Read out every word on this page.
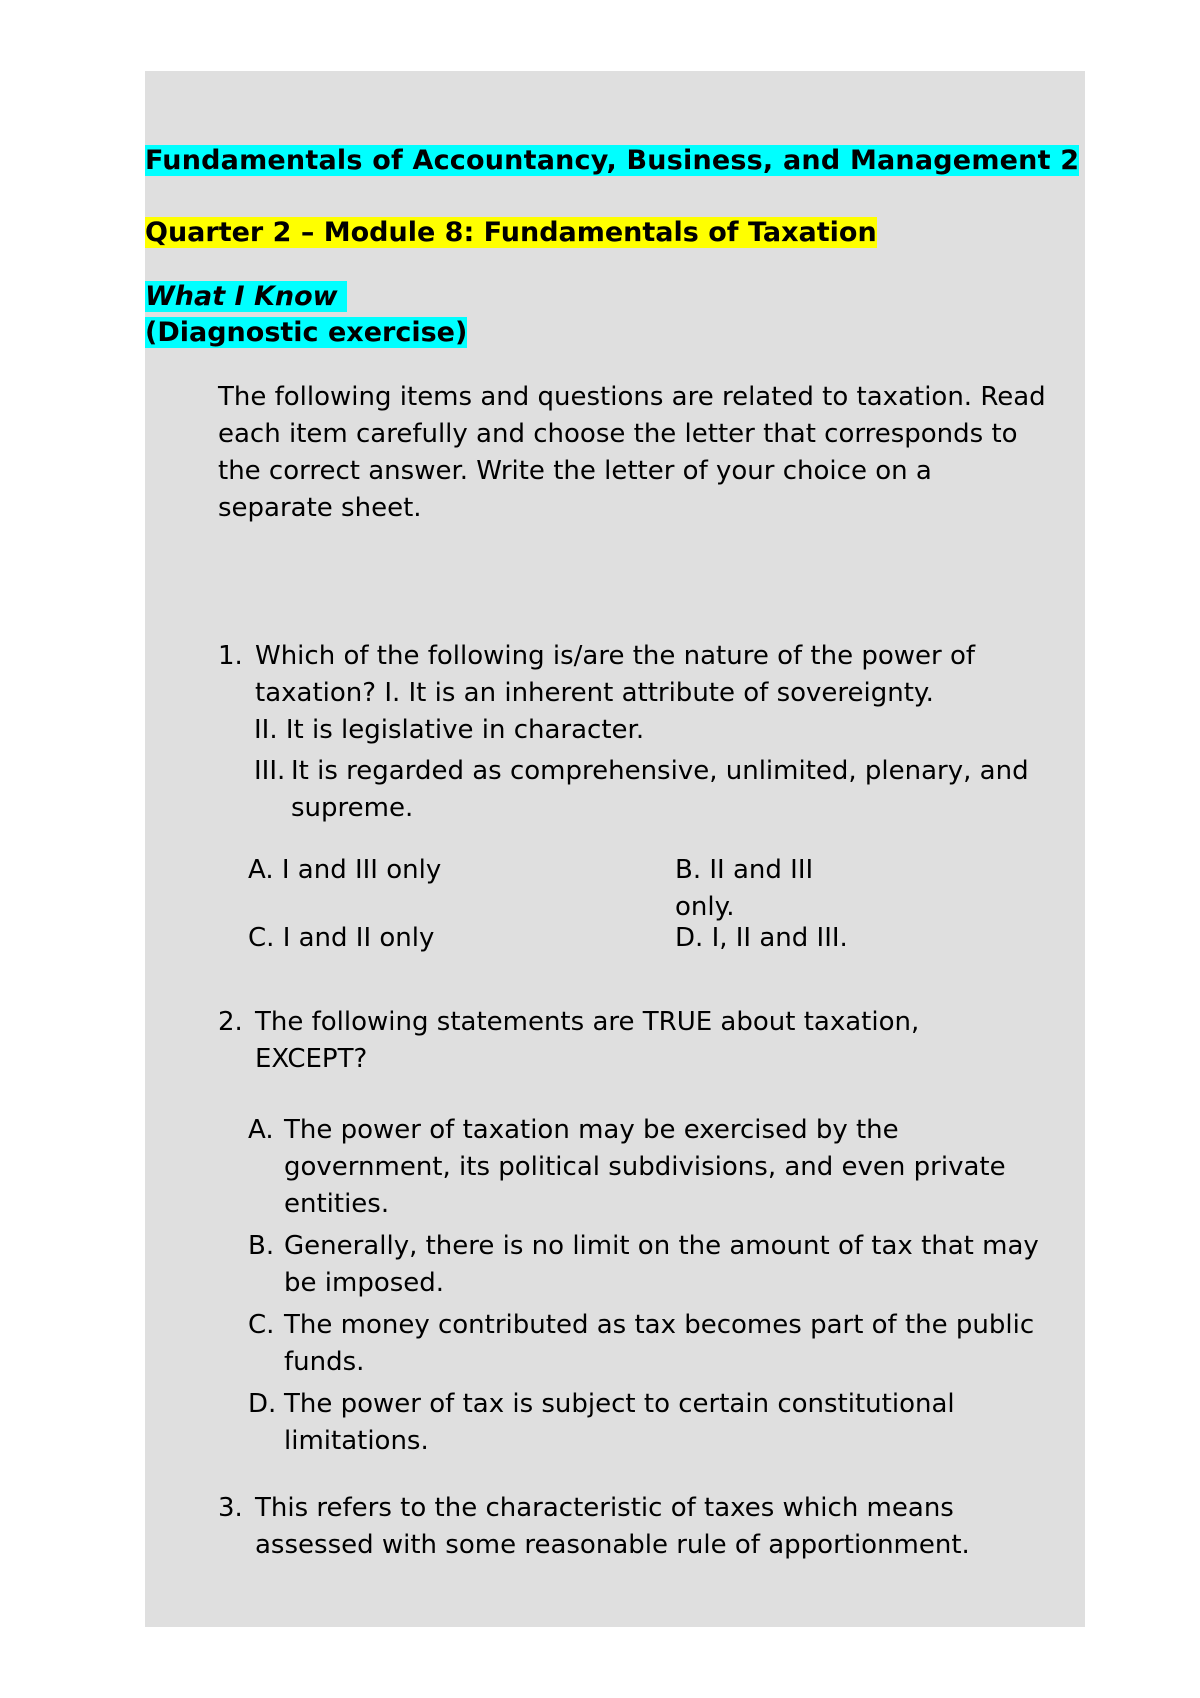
Fundamentals of Accountancy, Business, and Management 2
Quarter 2 – Module 8: Fundamentals of Taxation
What I Know
(Diagnostic exercise)
The following items and questions are related to taxation. Read each item carefully and choose the letter that corresponds to the correct answer. Write the letter of your choice on a separate sheet.
1. Which of the following is/are the nature of the power of taxation? I. It is an inherent attribute of sovereignty.
II. It is legislative in character.
III. It is regarded as comprehensive, unlimited, plenary, and supreme.
A. I and III only	B. II and III only.
C. I and II only	D. I, II and III.
2. The following statements are TRUE about taxation, EXCEPT?
A. The power of taxation may be exercised by the government, its political subdivisions, and even private entities.
B. Generally, there is no limit on the amount of tax that may be imposed.
C. The money contributed as tax becomes part of the public funds.
D. The power of tax is subject to certain constitutional limitations.
3. This refers to the characteristic of taxes which means assessed with some reasonable rule of apportionment.
